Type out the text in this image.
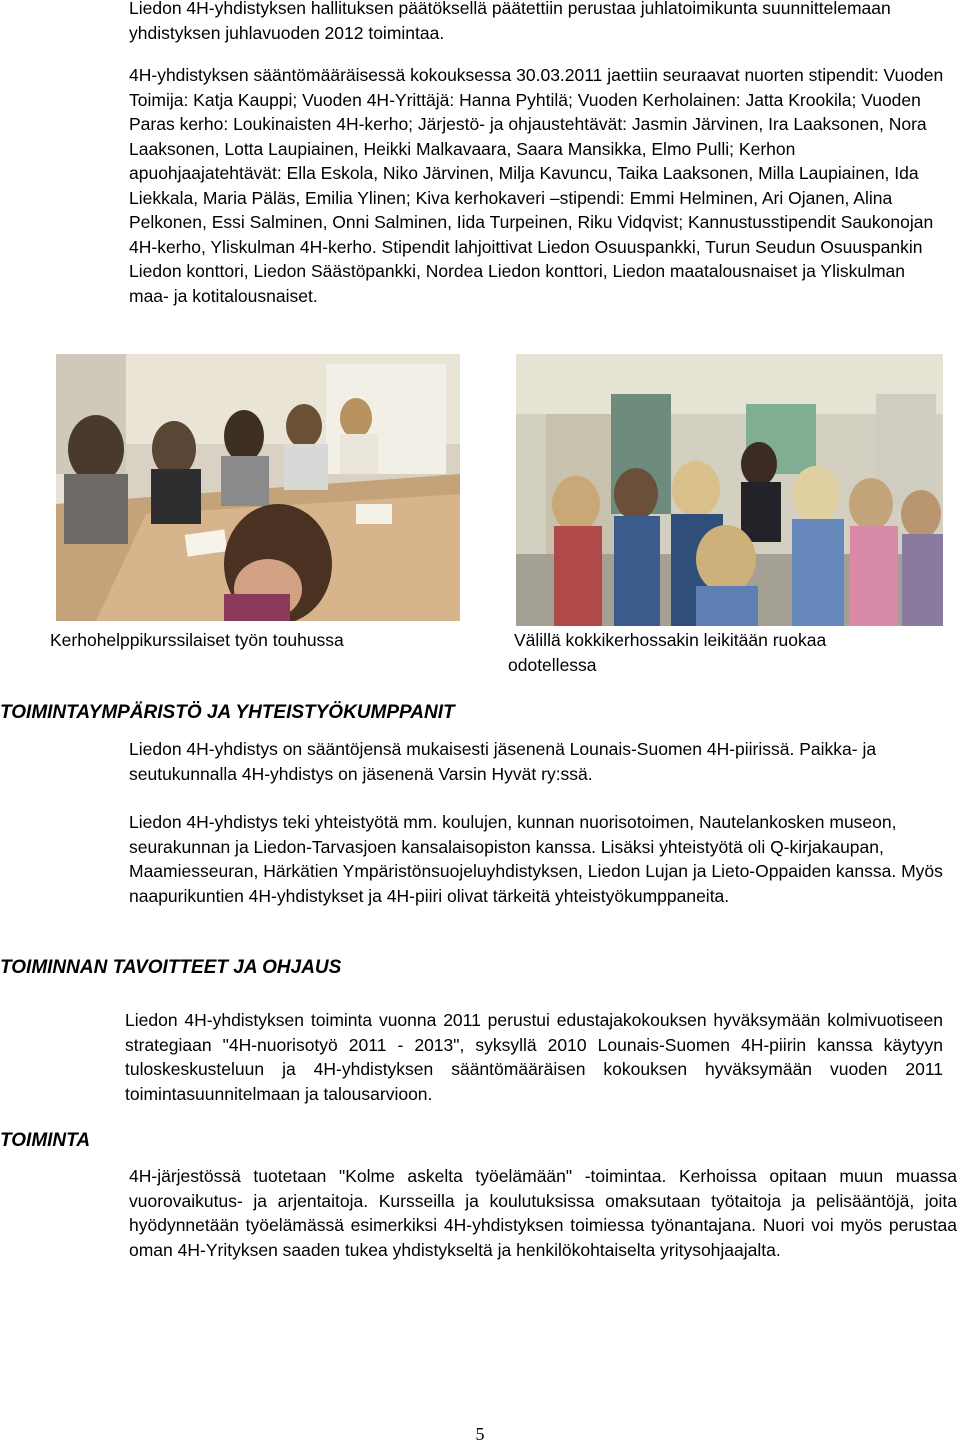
Liedon 4H-yhdistyksen hallituksen päätöksellä päätettiin perustaa juhlatoimikunta suunnittelemaan yhdistyksen juhlavuoden 2012 toimintaa.

4H-yhdistyksen sääntömääräisessä kokouksessa 30.03.2011 jaettiin seuraavat nuorten stipendit: Vuoden Toimija: Katja Kauppi; Vuoden 4H-Yrittäjä: Hanna Pyhtilä; Vuoden Kerholainen: Jatta Krookila; Vuoden Paras kerho: Loukinaisten 4H-kerho; Järjestö- ja ohjaustehtävät: Jasmin Järvinen, Ira Laaksonen, Nora Laaksonen, Lotta Laupiainen, Heikki Malkavaara, Saara Mansikka, Elmo Pulli; Kerhon apuohjaajatehtävät: Ella Eskola, Niko Järvinen, Milja Kavuncu, Taika Laaksonen, Milla Laupiainen, Ida Liekkala, Maria Päläs, Emilia Ylinen; Kiva kerhokaveri –stipendi: Emmi Helminen, Ari Ojanen, Alina Pelkonen, Essi Salminen, Onni Salminen, Iida Turpeinen, Riku Vidqvist; Kannustusstipendit Saukonojan 4H-kerho, Yliskulman 4H-kerho. Stipendit lahjoittivat Liedon Osuuspankki, Turun Seudun Osuuspankin Liedon konttori, Liedon Säästöpankki, Nordea Liedon konttori, Liedon maatalousnaiset ja Yliskulman maa- ja kotitalousnaiset.

Kerhohelppikurssilaiset työn touhussa	Välillä kokkikerhossakin leikitään ruokaa odotellessa
TOIMINTAYMPÄRISTÖ JA YHTEISTYÖKUMPPANIT

Liedon 4H-yhdistys on sääntöjensä mukaisesti jäsenenä Lounais-Suomen 4H-piirissä. Paikka- ja seutukunnalla 4H-yhdistys on jäsenenä Varsin Hyvät ry:ssä.

Liedon 4H-yhdistys teki yhteistyötä mm. koulujen, kunnan nuorisotoimen, Nautelankosken museon, seurakunnan ja Liedon-Tarvasjoen kansalaisopiston kanssa. Lisäksi yhteistyötä oli Q-kirjakaupan, Maamiesseuran, Härkätien Ympäristönsuojeluyhdistyksen, Liedon Lujan ja Lieto-Oppaiden kanssa. Myös naapurikuntien 4H-yhdistykset ja 4H-piiri olivat tärkeitä yhteistyökumppaneita.

TOIMINNAN TAVOITTEET JA OHJAUS

Liedon 4H-yhdistyksen toiminta vuonna 2011 perustui edustajakokouksen hyväksymään kolmivuotiseen strategiaan "4H-nuorisotyö 2011 - 2013", syksyllä 2010 Lounais-Suomen 4H-piirin kanssa käytyyn tuloskeskusteluun ja 4H-yhdistyksen sääntömääräisen kokouksen hyväksymään vuoden 2011 toimintasuunnitelmaan ja talousarvioon.

TOIMINTA

4H-järjestössä tuotetaan "Kolme askelta työelämään" -toimintaa. Kerhoissa opitaan muun muassa vuorovaikutus- ja arjentaitoja. Kursseilla ja koulutuksissa omaksutaan työtaitoja ja pelisääntöjä, joita hyödynnetään työelämässä esimerkiksi 4H-yhdistyksen toimiessa työnantajana. Nuori voi myös perustaa oman 4H-Yrityksen saaden tukea yhdistykseltä ja henkilökohtaiselta yritysohjaajalta.

5
